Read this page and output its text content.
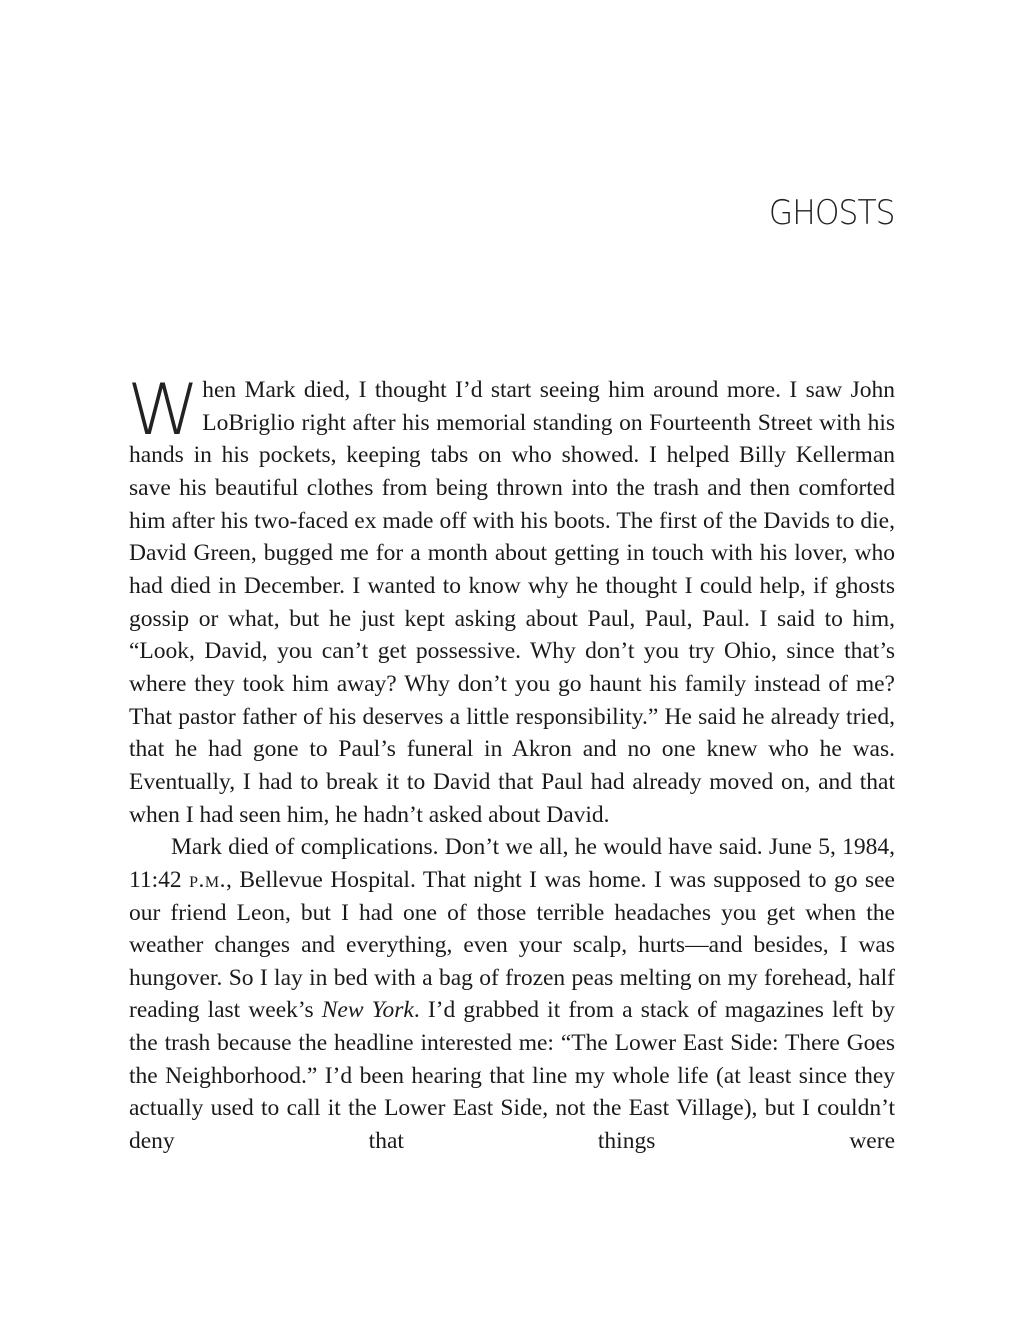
GHOSTS

When Mark died, I thought I’d start seeing him around more. I saw John LoBriglio right after his memorial standing on Fourteenth Street with his hands in his pockets, keeping tabs on who showed. I helped Billy Kellerman save his beautiful clothes from being thrown into the trash and then comforted him after his two-faced ex made off with his boots. The first of the Davids to die, David Green, bugged me for a month about getting in touch with his lover, who had died in December. I wanted to know why he thought I could help, if ghosts gossip or what, but he just kept asking about Paul, Paul, Paul. I said to him, “Look, David, you can’t get possessive. Why don’t you try Ohio, since that’s where they took him away? Why don’t you go haunt his family instead of me? That pastor father of his deserves a little responsibility.” He said he already tried, that he had gone to Paul’s funeral in Akron and no one knew who he was. Eventually, I had to break it to David that Paul had already moved on, and that when I had seen him, he hadn’t asked about David.

Mark died of complications. Don’t we all, he would have said. June 5, 1984, 11:42 p.m., Bellevue Hospital. That night I was home. I was supposed to go see our friend Leon, but I had one of those terrible headaches you get when the weather changes and everything, even your scalp, hurts—and besides, I was hungover. So I lay in bed with a bag of frozen peas melting on my forehead, half reading last week’s New York. I’d grabbed it from a stack of magazines left by the trash because the headline interested me: “The Lower East Side: There Goes the Neighborhood.” I’d been hearing that line my whole life (at least since they actually used to call it the Lower East Side, not the East Village), but I couldn’t deny that things were
